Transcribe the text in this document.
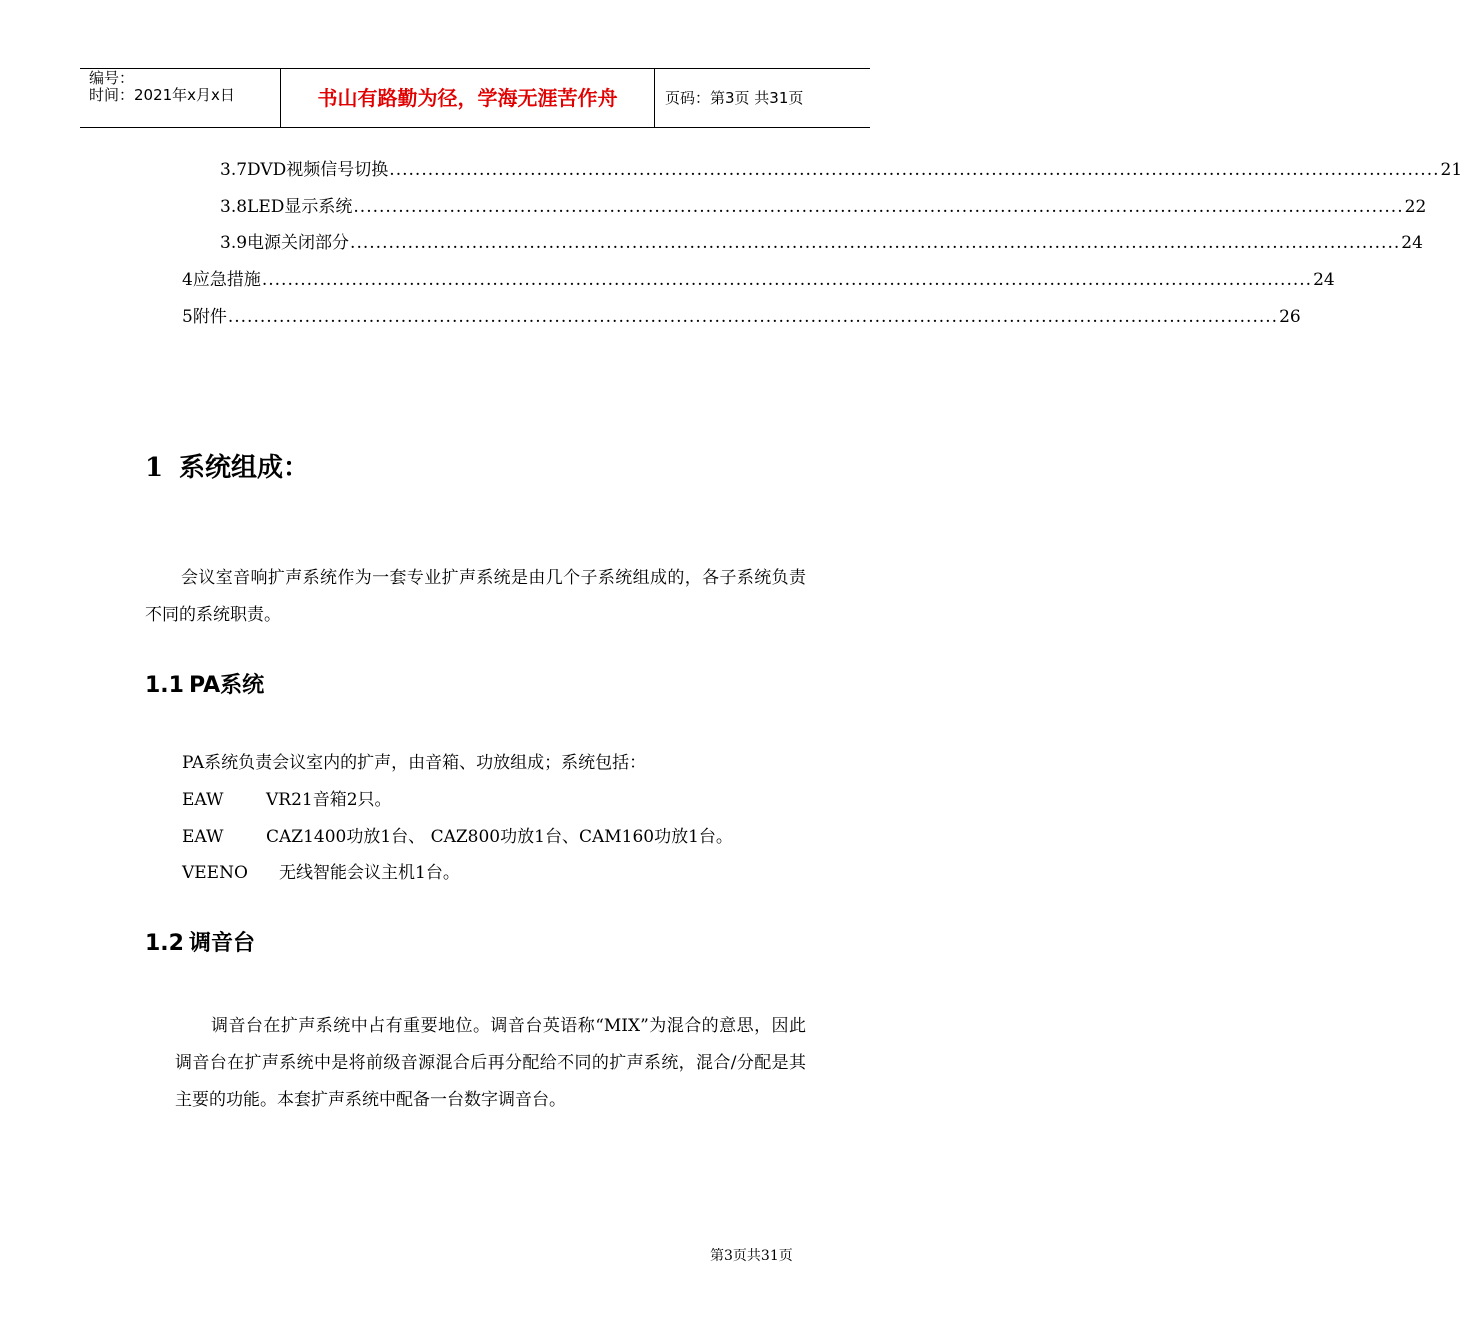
编号：
时间：2021年x月x日	书山有路勤为径，学海无涯苦作舟	页码：第3页 共31页
3.7 DVD视频信号切换 .................................................................................................................................................................... 21
3.8 LED显示系统 .................................................................................................................................................................... 22
3.9 电源关闭部分 .................................................................................................................................................................... 24
4 应急措施 .................................................................................................................................................................... 24
5 附件 .................................................................................................................................................................... 26
1 系统组成：
会议室音响扩声系统作为一套专业扩声系统是由几个子系统组成的，各子系统负责不同的系统职责。
1.1 PA系统
PA系统负责会议室内的扩声，由音箱、功放组成；系统包括：
EAW	VR21音箱2只。
EAW	CAZ1400功放1台、 CAZ800功放1台、CAM160功放1台。
VEENO 无线智能会议主机1台。
1.2 调音台
调音台在扩声系统中占有重要地位。调音台英语称“MIX”为混合的意思，因此调音台在扩声系统中是将前级音源混合后再分配给不同的扩声系统，混合/分配是其主要的功能。本套扩声系统中配备一台数字调音台。
第3页共31页
